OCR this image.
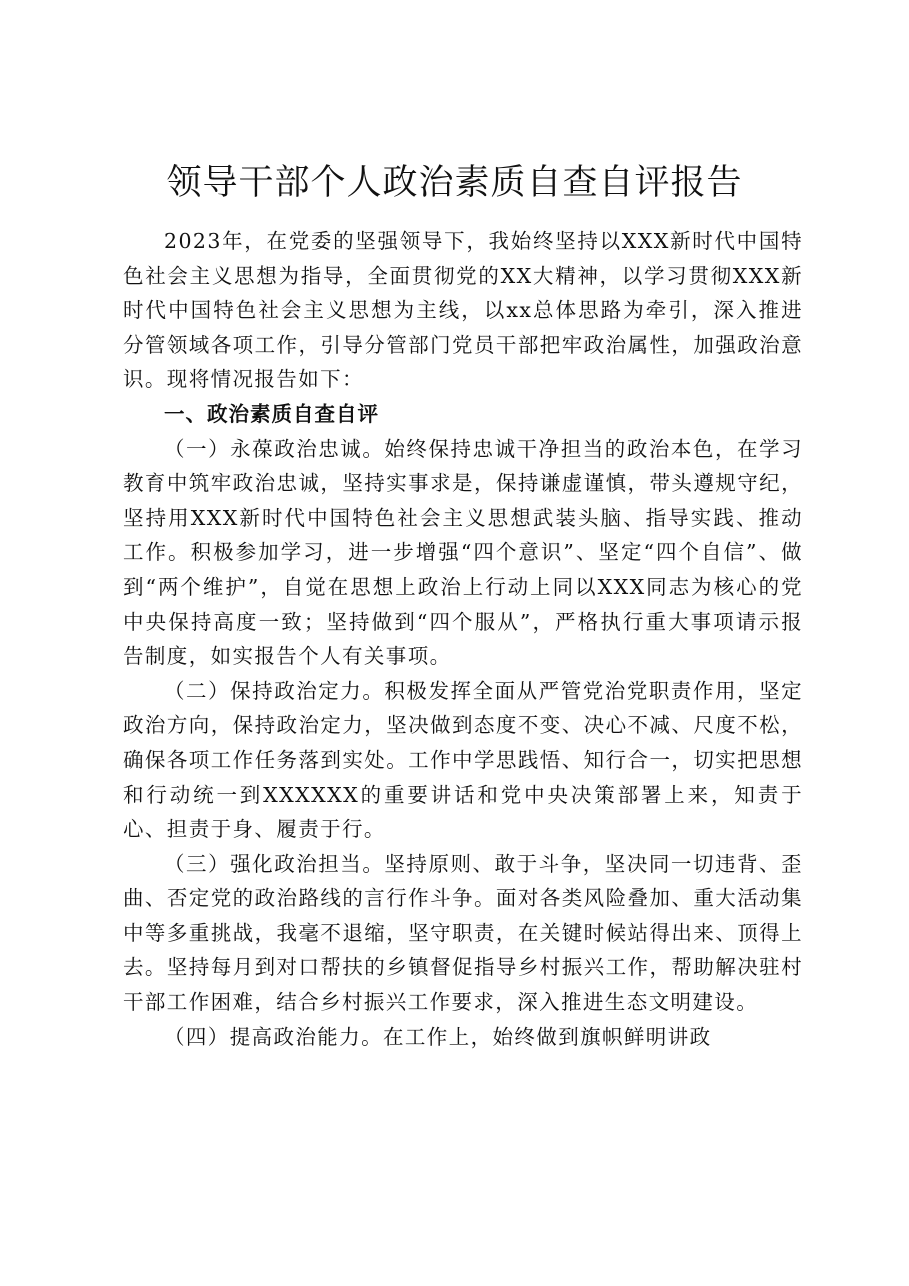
领导干部个人政治素质自查自评报告

2023年，在党委的坚强领导下，我始终坚持以XXX新时代中国特色社会主义思想为指导，全面贯彻党的XX大精神，以学习贯彻XXX新时代中国特色社会主义思想为主线，以xx总体思路为牵引，深入推进分管领域各项工作，引导分管部门党员干部把牢政治属性，加强政治意识。现将情况报告如下：

一、政治素质自查自评

（一）永葆政治忠诚。始终保持忠诚干净担当的政治本色，在学习教育中筑牢政治忠诚，坚持实事求是，保持谦虚谨慎，带头遵规守纪，坚持用XXX新时代中国特色社会主义思想武装头脑、指导实践、推动工作。积极参加学习，进一步增强“四个意识”、坚定“四个自信”、做到“两个维护”，自觉在思想上政治上行动上同以XXX同志为核心的党中央保持高度一致；坚持做到“四个服从”，严格执行重大事项请示报告制度，如实报告个人有关事项。

（二）保持政治定力。积极发挥全面从严管党治党职责作用，坚定政治方向，保持政治定力，坚决做到态度不变、决心不减、尺度不松，确保各项工作任务落到实处。工作中学思践悟、知行合一，切实把思想和行动统一到XXXXXX的重要讲话和党中央决策部署上来，知责于心、担责于身、履责于行。

（三）强化政治担当。坚持原则、敢于斗争，坚决同一切违背、歪曲、否定党的政治路线的言行作斗争。面对各类风险叠加、重大活动集中等多重挑战，我毫不退缩，坚守职责，在关键时候站得出来、顶得上去。坚持每月到对口帮扶的乡镇督促指导乡村振兴工作，帮助解决驻村干部工作困难，结合乡村振兴工作要求，深入推进生态文明建设。

（四）提高政治能力。在工作上，始终做到旗帜鲜明讲政
